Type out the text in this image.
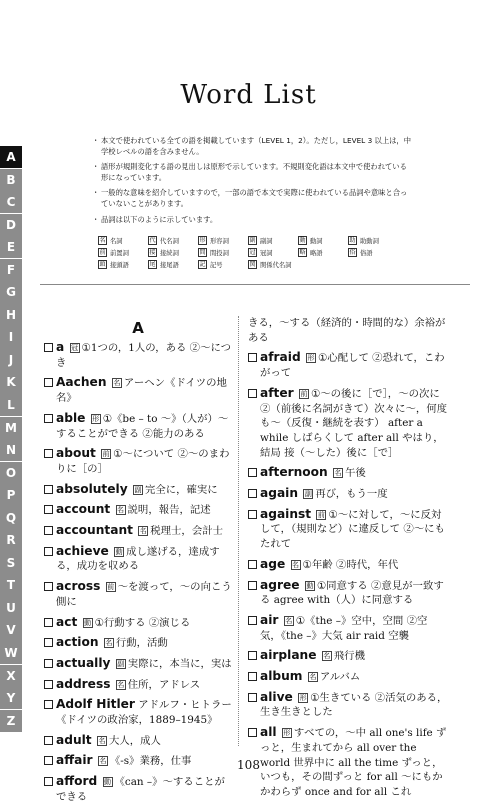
Word List
・ 本文で使われている全ての語を掲載しています（LEVEL 1，2）。ただし，LEVEL 3 以上は，中学校レベルの語を含みません。
・ 語形が規則変化する語の見出しは原形で示しています。不規則変化語は本文中で使われている形になっています。
・ 一般的な意味を紹介していますので，一部の語で本文で実際に使われている品詞や意味と合っていないことがあります。
・ 品詞は以下のように示しています。
名 名詞	代 代名詞	形 形容詞	副 副詞	動 動詞	助 助動詞
前 前置詞	接 接続詞	間 間投詞	冠 冠詞	略 略語	俗 俗語
頭 接頭語	尾 接尾語	記 記号	関 関係代名詞
A
B
C
D
E
F
G
H
I
J
K
L
M
N
O
P
Q
R
S
T
U
V
W
X
Y
Z
A
a 冠 ①1つの，1人の，ある ②～につき
Aachen 名 アーヘン《ドイツの地名》
able 形 ①《be – to ～》（人が）～することができる ②能力のある
about 前 ①～について ②～のまわりに［の］
absolutely 副 完全に，確実に
account 名 説明，報告，記述
accountant 名 税理士，会計士
achieve 動 成し遂げる，達成する，成功を収める
across 前 ～を渡って，～の向こう側に
act 動 ①行動する ②演じる
action 名 行動，活動
actually 副 実際に，本当に，実は
address 名 住所，アドレス
Adolf Hitler アドルフ・ヒトラー《ドイツの政治家，1889–1945》
adult 名 大人，成人
affair 名 《-s》業務，仕事
afford 動 《can –》～することができる
きる，～する（経済的・時間的な）余裕がある
afraid 形 ①心配して ②恐れて，こわがって
after 前 ①～の後に［で］，～の次に ②（前後に名詞がきて）次々に～，何度も～（反復・継続を表す） after a while しばらくして after all やはり，結局 接（～した）後に［で］
afternoon 名 午後
again 副 再び，もう一度
against 前 ①～に対して，～に反対して，（規則など）に違反して ②～にもたれて
age 名 ①年齢 ②時代，年代
agree 動 ①同意する ②意見が一致する agree with（人）に同意する
air 名 ①《the –》空中，空間 ②空気，《the –》大気 air raid 空襲
airplane 名 飛行機
album 名 アルバム
alive 形 ①生きている ②活気のある，生き生きとした
all 形 すべての，～中 all one's life ずっと，生まれてから all over the world 世界中に all the time ずっと，いつも，その間ずっと for all ～にもかかわらず once and for all これ
108
